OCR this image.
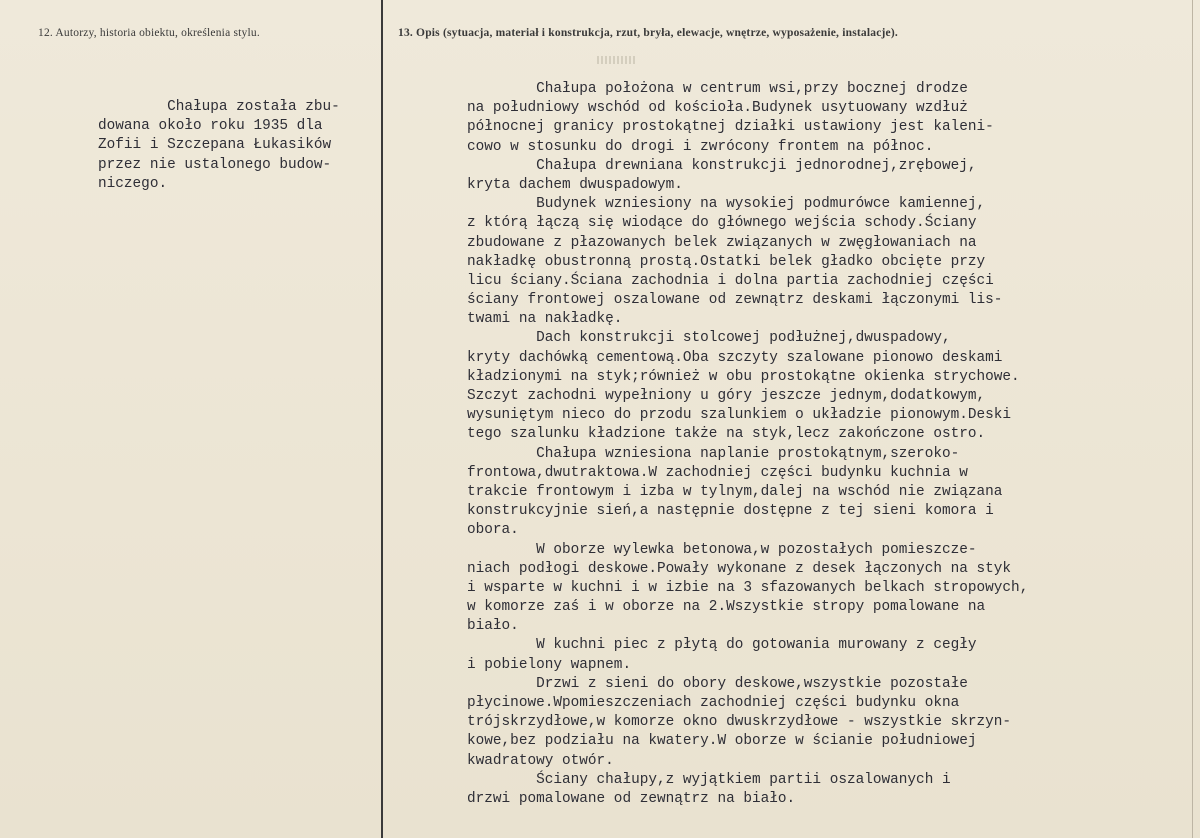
12. Autorzy, historia obiektu, określenia stylu.	13. Opis (sytuacja, materiał i konstrukcja, rzut, bryła, elewacje, wnętrze, wyposażenie, instalacje).
Chałupa została zbu-
dowana około roku 1935 dla
Zofii i Szczepana Łukasików
przez nie ustalonego budow-
niczego.
Chałupa położona w centrum wsi,przy bocznej drodze
na południowy wschód od kościoła.Budynek usytuowany wzdłuż
północnej granicy prostokątnej działki ustawiony jest kaleni-
cowo w stosunku do drogi i zwrócony frontem na północ.
Chałupa drewniana konstrukcji jednorodnej,zrębowej,
kryta dachem dwuspadowym.
Budynek wzniesiony na wysokiej podmurówce kamiennej,
z którą łączą się wiodące do głównego wejścia schody.Ściany
zbudowane z płazowanych belek związanych w zwęgłowaniach na
nakładkę obustronną prostą.Ostatki belek gładko obcięte przy
licu ściany.Ściana zachodnia i dolna partia zachodniej części
ściany frontowej oszalowane od zewnątrz deskami łączonymi lis-
twami na nakładkę.
Dach konstrukcji stolcowej podłużnej,dwuspadowy,
kryty dachówką cementową.Oba szczyty szalowane pionowo deskami
kładzionymi na styk;również w obu prostokątne okienka strychowe.
Szczyt zachodni wypełniony u góry jeszcze jednym,dodatkowym,
wysuniętym nieco do przodu szalunkiem o układzie pionowym.Deski
tego szalunku kładzione także na styk,lecz zakończone ostro.
Chałupa wzniesiona naplanie prostokątnym,szeroko-
frontowa,dwutraktowa.W zachodniej części budynku kuchnia w
trakcie frontowym i izba w tylnym,dalej na wschód nie związana
konstrukcyjnie sień,a następnie dostępne z tej sieni komora i
obora.
W oborze wylewka betonowa,w pozostałych pomieszcze-
niach podłogi deskowe.Powały wykonane z desek łączonych na styk
i wsparte w kuchni i w izbie na 3 sfazowanych belkach stropowych,
w komorze zaś i w oborze na 2.Wszystkie stropy pomalowane na
biało.
W kuchni piec z płytą do gotowania murowany z cegły
i pobielony wapnem.
Drzwi z sieni do obory deskowe,wszystkie pozostałe
płycinowe.Wpomieszczeniach zachodniej części budynku okna
trójskrzydłowe,w komorze okno dwuskrzydłowe - wszystkie skrzyn-
kowe,bez podziału na kwatery.W oborze w ścianie południowej
kwadratowy otwór.
Ściany chałupy,z wyjątkiem partii oszalowanych i
drzwi pomalowane od zewnątrz na biało.
